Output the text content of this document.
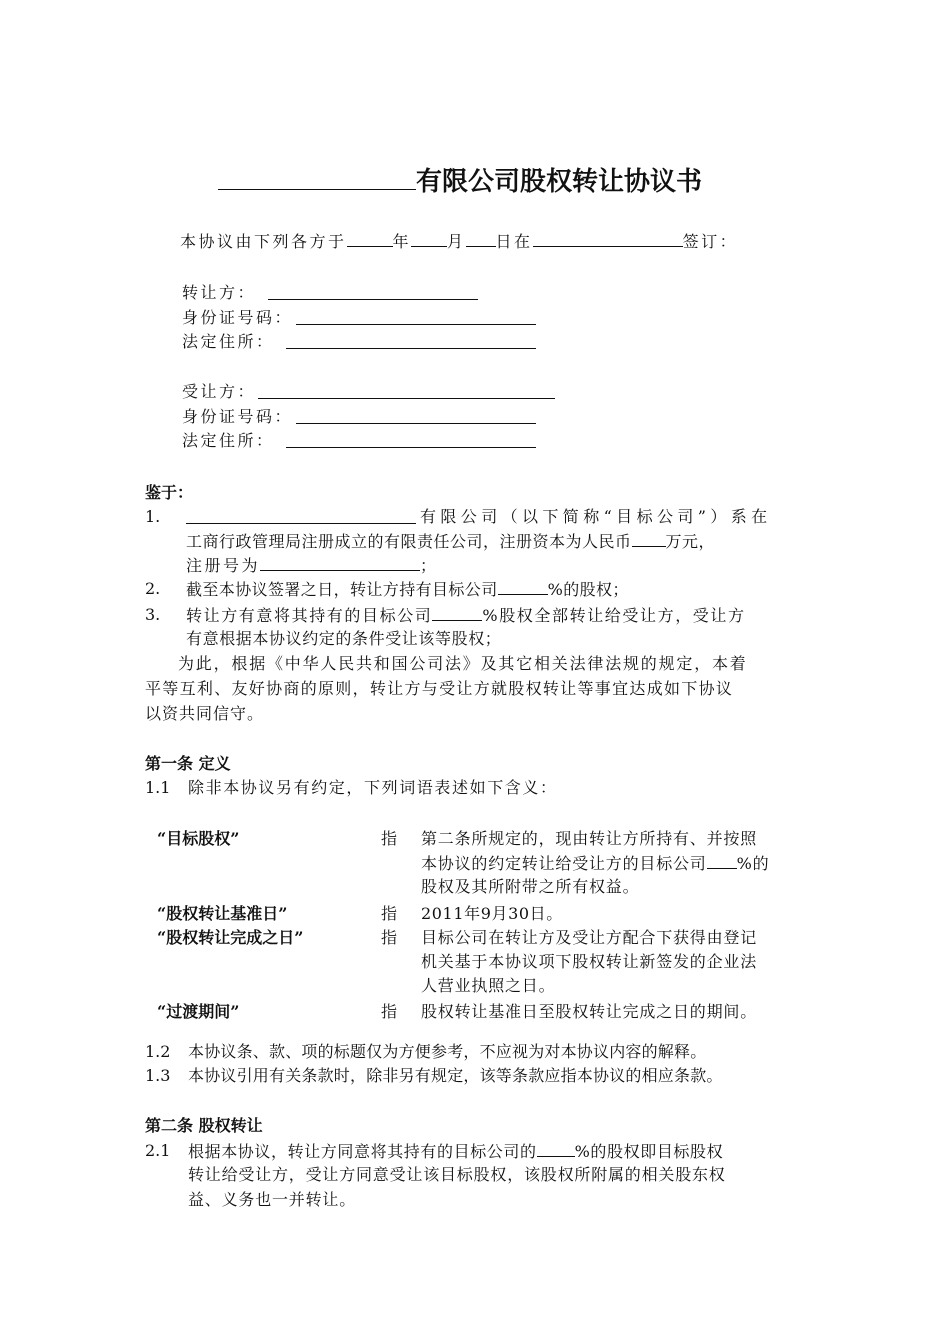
有限公司股权转让协议书
本协议由下列各方于	年 月 日在	签订：
转让方：
身份证号码：
法定住所：
受让方：
身份证号码：
法定住所：
鉴于：
1.	有限公司（以下简称“目标公司”）系在
工商行政管理局注册成立的有限责任公司，注册资本为人民币 万元，
注册号为	；
2. 截至本协议签署之日，转让方持有目标公司	%的股权；
3. 转让方有意将其持有的目标公司	%股权全部转让给受让方，受让方
有意根据本协议约定的条件受让该等股权；
为此，根据《中华人民共和国公司法》及其它相关法律法规的规定，本着
平等互利、友好协商的原则，转让方与受让方就股权转让等事宜达成如下协议
以资共同信守。
第一条 定义
1.1 除非本协议另有约定，下列词语表述如下含义：
“目标股权”	指 第二条所规定的，现由转让方所持有、并按照
本协议的约定转让给受让方的目标公司 %的
股权及其所附带之所有权益。
“股权转让基准日”	指 2011年9月30日。
“股权转让完成之日”	指 目标公司在转让方及受让方配合下获得由登记
机关基于本协议项下股权转让新签发的企业法
人营业执照之日。
“过渡期间”	指 股权转让基准日至股权转让完成之日的期间。
1.2 本协议条、款、项的标题仅为方便参考，不应视为对本协议内容的解释。
1.3 本协议引用有关条款时，除非另有规定，该等条款应指本协议的相应条款。
第二条 股权转让
2.1 根据本协议，转让方同意将其持有的目标公司的 %的股权即目标股权
转让给受让方，受让方同意受让该目标股权，该股权所附属的相关股东权
益、义务也一并转让。
